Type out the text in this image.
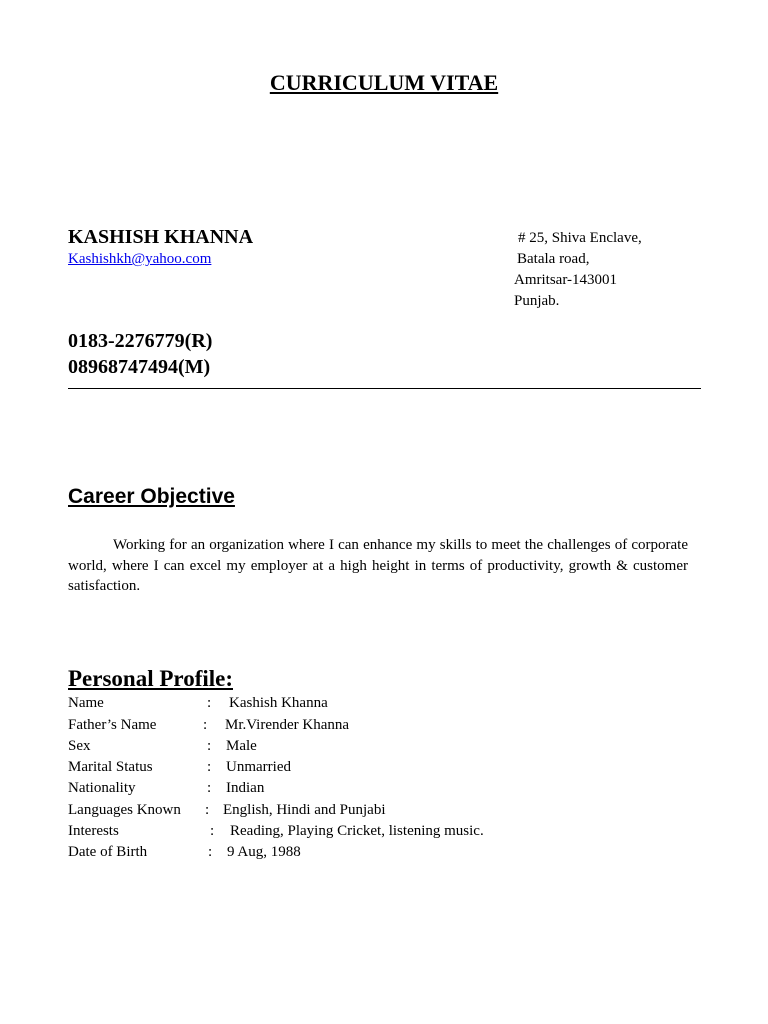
CURRICULUM VITAE
KASHISH KHANNA
Kashishkh@yahoo.com
# 25, Shiva Enclave,
Batala road,
Amritsar-143001
Punjab.
0183-2276779(R)
08968747494(M)
Career Objective
Working for an organization where I can enhance my skills to meet the challenges of corporate world, where I can excel my employer at a high height in terms of productivity, growth & customer satisfaction.
Personal Profile:
Name	: Kashish Khanna
Father’s Name	: Mr.Virender Khanna
Sex	: Male
Marital Status	: Unmarried
Nationality	: Indian
Languages Known : English, Hindi and Punjabi
Interests	: Reading, Playing Cricket, listening music.
Date of Birth	: 9 Aug, 1988
